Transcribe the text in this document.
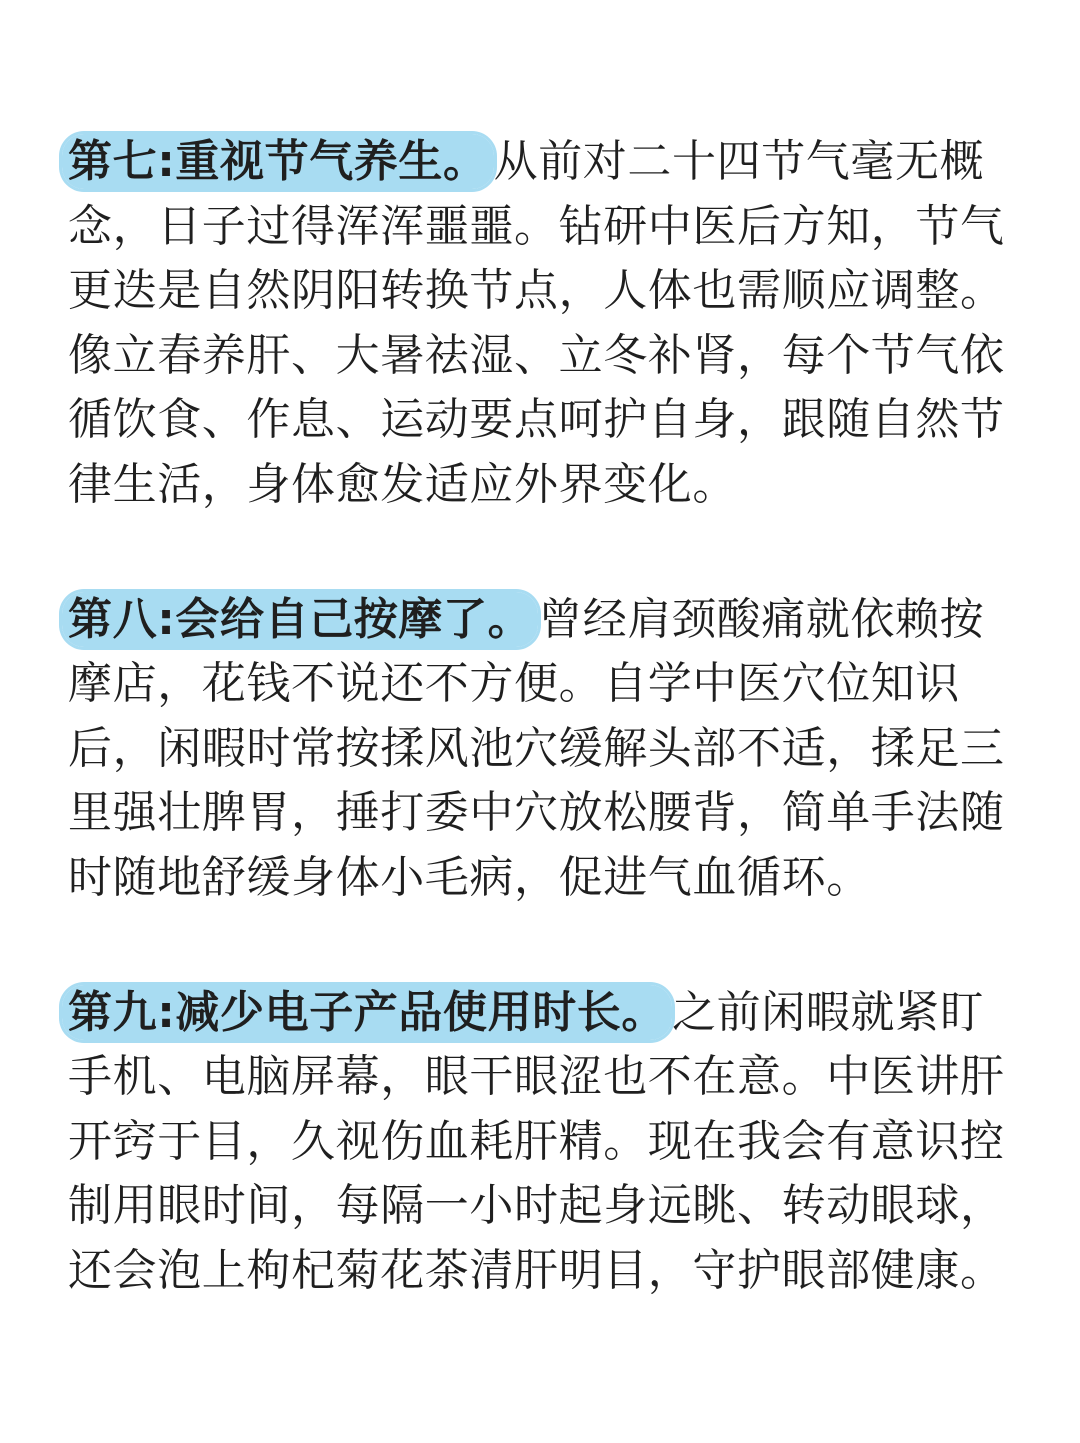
第七:重视节气养生。 从前对二十四节气毫无概念，日子过得浑浑噩噩。钻研中医后方知，节气更迭是自然阴阳转换节点，人体也需顺应调整。像立春养肝、大暑祛湿、立冬补肾，每个节气依循饮食、作息、运动要点呵护自身，跟随自然节律生活，身体愈发适应外界变化。

第八:会给自己按摩了。 曾经肩颈酸痛就依赖按摩店，花钱不说还不方便。自学中医穴位知识后，闲暇时常按揉风池穴缓解头部不适，揉足三里强壮脾胃，捶打委中穴放松腰背，简单手法随时随地舒缓身体小毛病，促进气血循环。

第九:减少电子产品使用时长。 之前闲暇就紧盯手机、电脑屏幕，眼干眼涩也不在意。中医讲肝开窍于目，久视伤血耗肝精。现在我会有意识控制用眼时间，每隔一小时起身远眺、转动眼球，还会泡上枸杞菊花茶清肝明目，守护眼部健康。
